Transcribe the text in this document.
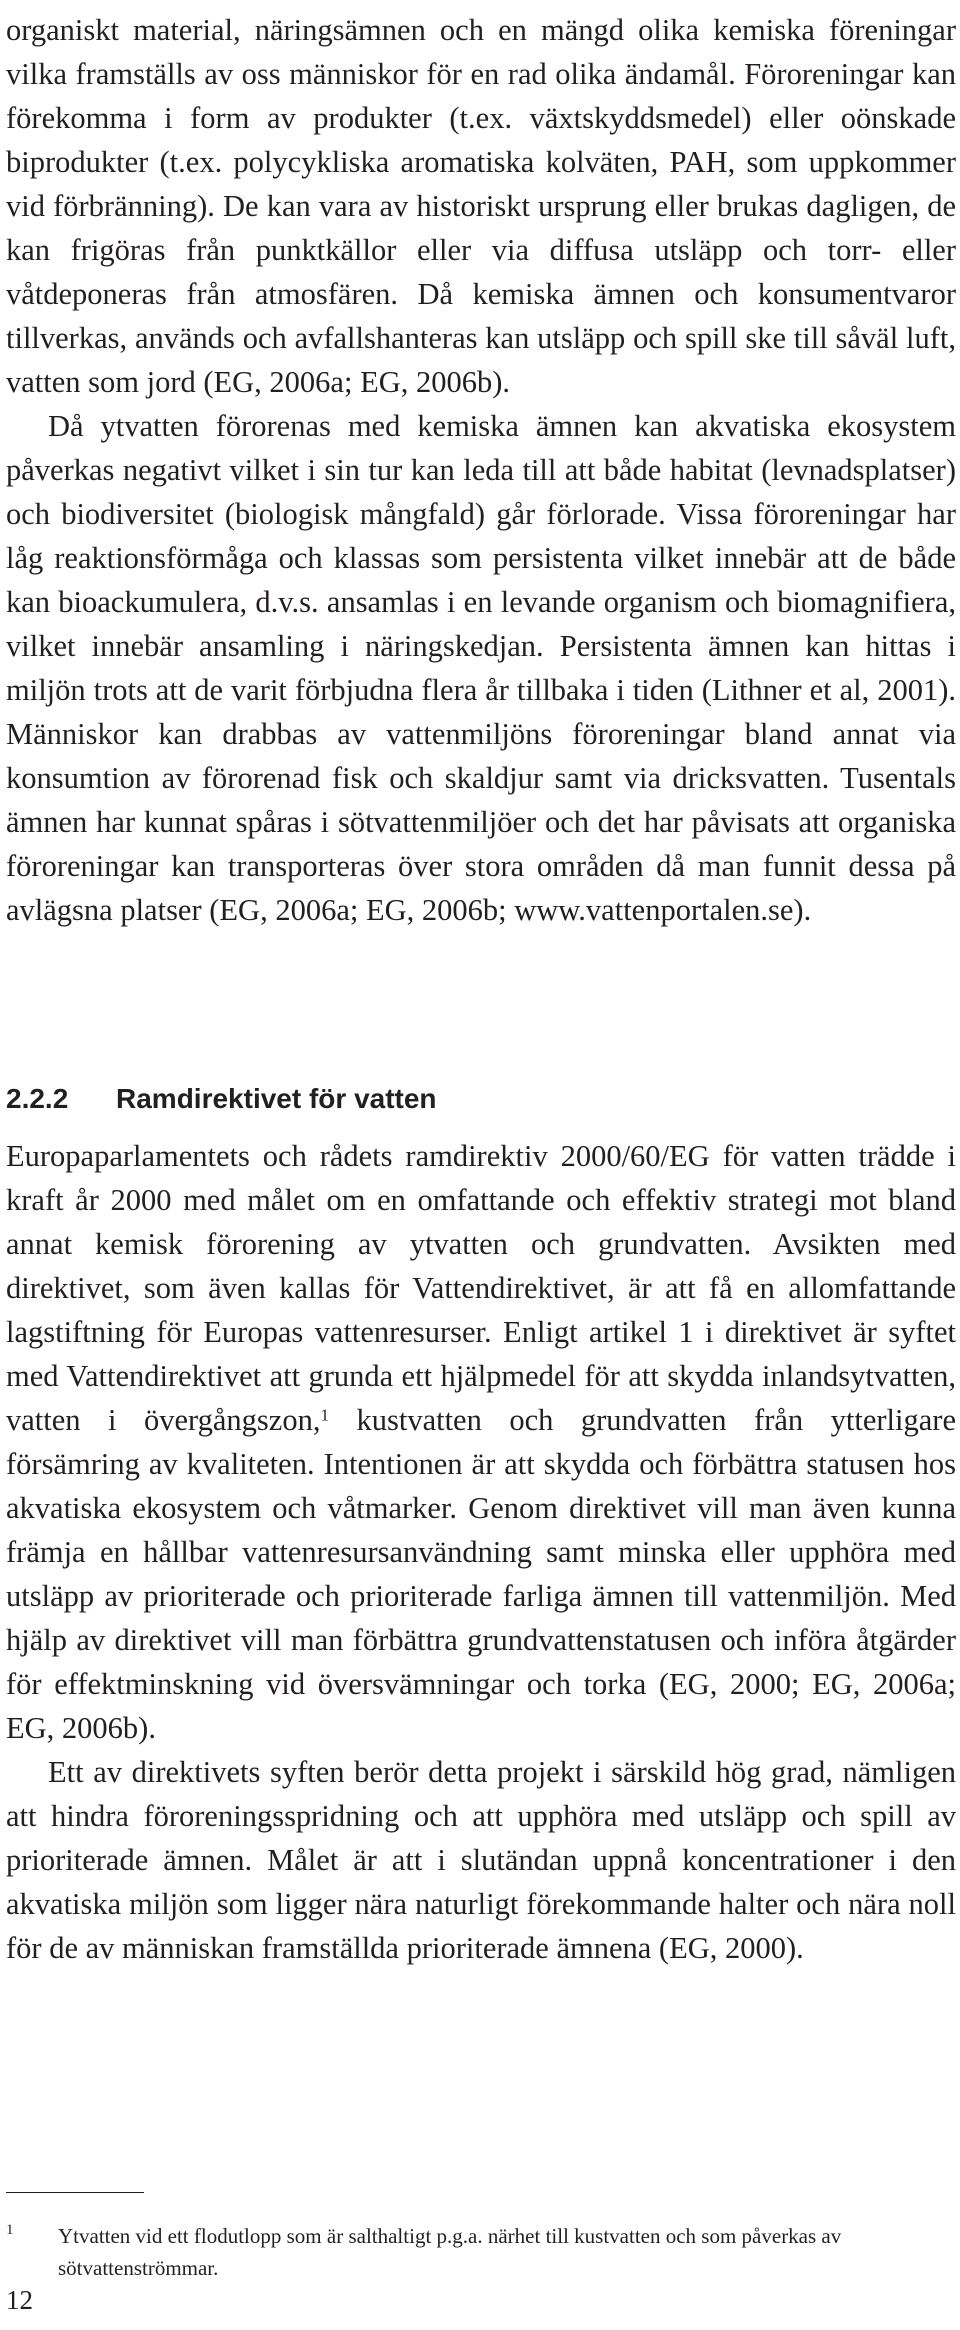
organiskt material, näringsämnen och en mängd olika kemiska föreningar vilka framställs av oss människor för en rad olika ändamål. Föroreningar kan förekomma i form av produkter (t.ex. växtskyddsmedel) eller oönskade biprodukter (t.ex. polycykliska aromatiska kolväten, PAH, som uppkommer vid förbränning). De kan vara av historiskt ursprung eller brukas dagligen, de kan frigöras från punktkällor eller via diffusa utsläpp och torr- eller våtdeponeras från atmosfären. Då kemiska ämnen och konsumentvaror tillverkas, används och avfallshanteras kan utsläpp och spill ske till såväl luft, vatten som jord (EG, 2006a; EG, 2006b).

Då ytvatten förorenas med kemiska ämnen kan akvatiska ekosystem påverkas negativt vilket i sin tur kan leda till att både habitat (levnadsplatser) och biodiversitet (biologisk mångfald) går förlorade. Vissa föroreningar har låg reaktionsförmåga och klassas som persistenta vilket innebär att de både kan bioackumulera, d.v.s. ansamlas i en levande organism och biomagnifiera, vilket innebär ansamling i näringskedjan. Persistenta ämnen kan hittas i miljön trots att de varit förbjudna flera år tillbaka i tiden (Lithner et al, 2001). Människor kan drabbas av vattenmiljöns föroreningar bland annat via konsumtion av förorenad fisk och skaldjur samt via dricksvatten. Tusentals ämnen har kunnat spåras i sötvattenmiljöer och det har påvisats att organiska föroreningar kan transporteras över stora områden då man funnit dessa på avlägsna platser (EG, 2006a; EG, 2006b; www.vattenportalen.se).

2.2.2 Ramdirektivet för vatten

Europaparlamentets och rådets ramdirektiv 2000/60/EG för vatten trädde i kraft år 2000 med målet om en omfattande och effektiv strategi mot bland annat kemisk förorening av ytvatten och grundvatten. Avsikten med direktivet, som även kallas för Vattendirektivet, är att få en allomfattande lagstiftning för Europas vattenresurser. Enligt artikel 1 i direktivet är syftet med Vattendirektivet att grunda ett hjälpmedel för att skydda inlandsytvatten, vatten i övergångszon,$^1$ kustvatten och grundvatten från ytterligare försämring av kvaliteten. Intentionen är att skydda och förbättra statusen hos akvatiska ekosystem och våtmarker. Genom direktivet vill man även kunna främja en hållbar vattenresursanvändning samt minska eller upphöra med utsläpp av prioriterade och prioriterade farliga ämnen till vattenmiljön. Med hjälp av direktivet vill man förbättra grundvattenstatusen och införa åtgärder för effektminskning vid översvämningar och torka (EG, 2000; EG, 2006a; EG, 2006b).

Ett av direktivets syften berör detta projekt i särskild hög grad, nämligen att hindra föroreningsspridning och att upphöra med utsläpp och spill av prioriterade ämnen. Målet är att i slutändan uppnå koncentrationer i den akvatiska miljön som ligger nära naturligt förekommande halter och nära noll för de av människan framställda prioriterade ämnena (EG, 2000).

1	Ytvatten vid ett flodutlopp som är salthaltigt p.g.a. närhet till kustvatten och som påverkas av sötvattenströmmar.
12
